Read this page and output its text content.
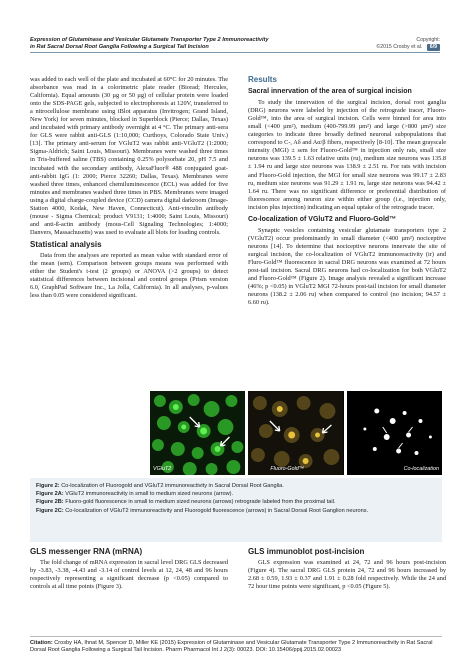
Expression of Glutaminase and Vesicular Glutamate Transporter Type 2 Immunoreactivity
in Rat Sacral Dorsal Root Ganglia Following a Surgical Tail Incision
Copyright:
©2015 Crosby et al. 6/9

was added to each well of the plate and incubated at 60°C for 20 minutes. The absorbance was read in a colorimetric plate reader (Biorad; Hercules, California). Equal amounts (30 µg or 50 µg) of cellular protein were loaded onto the SDS-PAGE gels, subjected to electrophoresis at 120V, transferred to a nitrocellulose membrane using iBlot apparatus (Invitrogen; Grand Island, New York) for seven minutes, blocked in Superblock (Pierce; Dallas, Texas) and incubated with primary antibody overnight at 4 °C. The primary anti-sera for GLS were rabbit anti-GLS (1:10,000; Curthoys, Colorado State Univ.) [13]. The primary anti-serum for VGluT2 was rabbit anti-VGluT2 (1:2000; Sigma-Aldrich; Saint Louis, Missouri). Membranes were washed three times in Tris-buffered saline (TBS) containing 0.25% polysorbate 20, pH 7.5 and incubated with the secondary antibody, AlexaFluor® 488 conjugated goat-anti-rabbit IgG (1: 2000; Pierce 32260; Dallas, Texas). Membranes were washed three times, enhanced chemiluminescence (ECL) was added for five minutes and membranes washed three times in PBS. Membranes were imaged using a digital charge-coupled device (CCD) camera digital darkroom (Image-Station 4000, Kodak, New Haven, Connecticut). Anti-vinculin antibody (mouse - Sigma Chemical; product V9131; 1:4000; Saint Louis, Missouri) and anti-ß-actin antibody (mous-Cell Signaling Technologies; 1:4000; Danvers, Massachusetts) was used to evaluate all blots for loading controls.

Statistical analysis

Data from the analyses are reported as mean value with standard error of the mean (sem). Comparison between groups means was performed with either the Student's t-test (2 groups) or ANOVA (>2 groups) to detect statistical differences between incisional and control groups (Prism version 6.0, GraphPad Software Inc., La Jolla, California). In all analyses, p-values less than 0.05 were considered significant.

Results
Sacral innervation of the area of surgical incision

To study the innervation of the surgical incision, dorsal root ganglia (DRG) neurons were labeled by injection of the retrograde tracer, Fluoro-Gold™, into the area of surgical incision. Cells were binned for area into small (<400 µm²), medium (400-799.99 µm²) and large (>800 µm²) size categories to indicate three broadly defined neuronal subpopulations that correspond to C-, Aδ and Aα/β fibers, respectively [8-10]. The mean grayscale intensity (MGI) ± sem for Fluoro-Gold™ in injection only rats, small size neurons was 139.5 ± 1.63 relative units (ru), medium size neurons was 135.8 ± 1.94 ru and large size neurons was 138.9 ± 2.51 ru. For rats with incision and Fluoro-Gold injection, the MGI for small size neurons was 99.17 ± 2.83 ru, medium size neurons was 91.29 ± 1.91 ru, large size neurons was 94.42 ± 1.64 ru. There was no significant difference or preferential distribution of fluorescence among neuron size within either group (i.e., injection only, incision plus injection) indicating an equal uptake of the retrograde tracer.

Co-localization of VGluT2 and Fluoro-Gold™

Synaptic vesicles containing vesicular glutamate transporters type 2 (VGluT2) occur predominantly in small diameter (<400 µm²) nociceptive neurons [14]. To determine that nociceptive neurons innervate the site of surgical incision, the co-localization of VGluT2 immunoreactivity (ir) and Fluro-Gold™ fluorescence in sacral DRG neurons was examined at 72 hours post-tail incision. Sacral DRG neurons had co-localization for both VGluT2 and Fluoro-Gold™ (Figure 2). Image analysis revealed a significant increase (46%; p <0.05) in VGluT2 MGI 72-hours post-tail incision for small diameter neurons (138.2 ± 2.06 ru) when compared to control (no incision; 94.57 ± 6.60 ru).

VGluT2	Fluoro-Gold™	Co-localization
Figure 2: Co-localization of Fluorogold and VGluT2 immunoreactivity in Sacral Dorsal Root Ganglia.
Figure 2A: VGluT2 immunoreactivity in small to medium sized neurons (arrow).
Figure 2B: Fluoro-gold fluorescence in small to medium sized neurons (arrows) retrograde labeled from the proximal tail.
Figure 2C: Co-localization of VGluT2 immunoreactivity and Fluorogold fluorescence (arrows) in Sacral Dorsal Root Ganglion neurons.
GLS messenger RNA (mRNA)

The fold change of mRNA expression in sacral level DRG GLS decreased by -3.83, -3.38, -4.43 and -3.14 of control levels at 12, 24, 48 and 96 hours respectively representing a significant decrease (p <0.05) compared to controls at all time points (Figure 3).

GLS immunoblot post-incision

GLS expression was examined at 24, 72 and 96 hours post-incision (Figure 4). The sacral DRG GLS protein 24, 72 and 96 hours increased by 2.68 ± 0.59, 1.93 ± 0.37 and 1.91 ± 0.28 fold respectively. While the 24 and 72 hour time points were significant, p <0.05 (Figure 5).

Citation: Crosby HA, Ihnat M, Spencer D, Miller KE (2015) Expression of Glutaminase and Vesicular Glutamate Transporter Type 2 Immunoreactivity in Rat Sacral Dorsal Root Ganglia Following a Surgical Tail Incision. Pharm Pharmacol Int J 2(3): 00023. DOI: 10.15406/ppij.2015.02.00023
